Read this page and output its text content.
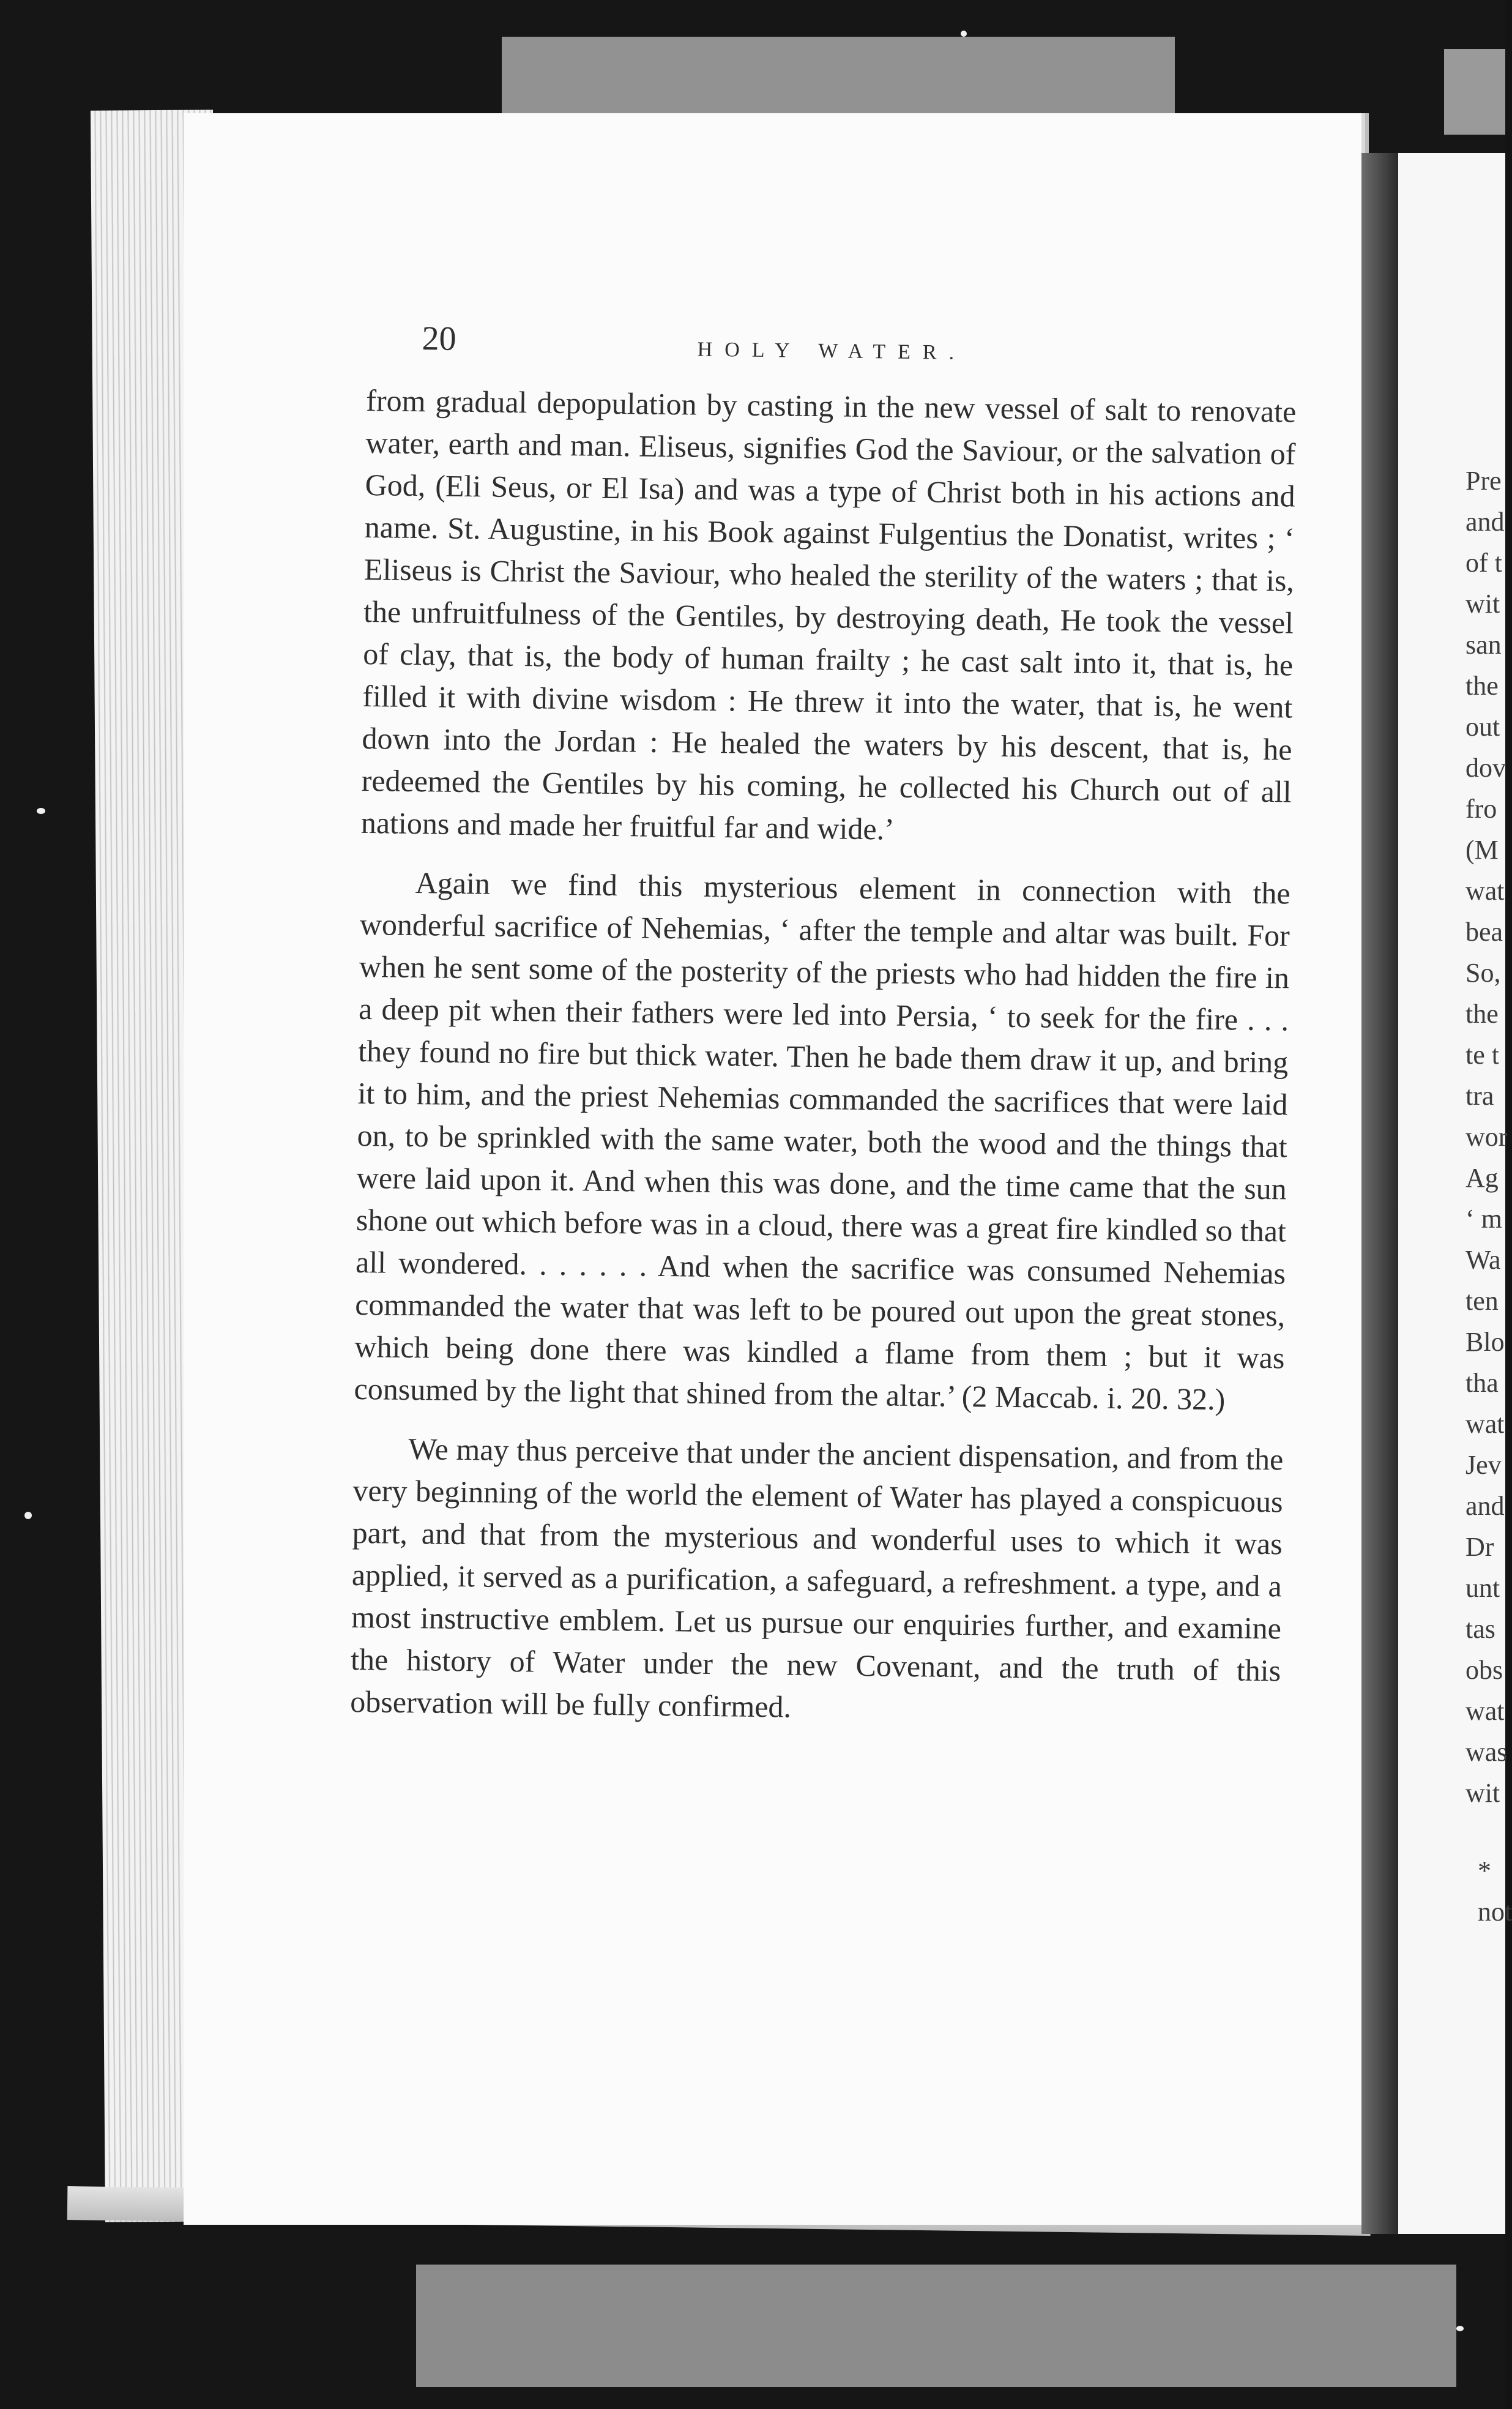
Pre
and
of t
wit
san
the
out
dov
fro
(M
wat
bea
So,
the
te t
tra
wor
Ag
‘ m
Wa
ten
Blo
tha
wat
Jev
and
Dr
unt
tas
obs
wat
was
wit
*
not
20	HOLY WATER.

from gradual depopulation by casting in the new vessel of salt to renovate water, earth and man. Eliseus, signifies God the Saviour, or the salvation of God, (Eli Seus, or El Isa) and was a type of Christ both in his actions and name. St. Augustine, in his Book against Fulgentius the Donatist, writes ; ‘ Eliseus is Christ the Saviour, who healed the sterility of the waters ; that is, the unfruitfulness of the Gentiles, by destroying death, He took the vessel of clay, that is, the body of human frailty ; he cast salt into it, that is, he filled it with divine wisdom : He threw it into the water, that is, he went down into the Jordan : He healed the waters by his descent, that is, he redeemed the Gentiles by his coming, he collected his Church out of all nations and made her fruitful far and wide.’

Again we find this mysterious element in connection with the wonderful sacrifice of Nehemias, ‘ after the temple and altar was built. For when he sent some of the posterity of the priests who had hidden the fire in a deep pit when their fathers were led into Persia, ‘ to seek for the fire . . . they found no fire but thick water. Then he bade them draw it up, and bring it to him, and the priest Nehemias commanded the sacrifices that were laid on, to be sprinkled with the same water, both the wood and the things that were laid upon it. And when this was done, and the time came that the sun shone out which before was in a cloud, there was a great fire kindled so that all wondered. . . . . . . And when the sacrifice was consumed Nehemias commanded the water that was left to be poured out upon the great stones, which being done there was kindled a flame from them ; but it was consumed by the light that shined from the altar.’ (2 Maccab. i. 20. 32.)

We may thus perceive that under the ancient dispensation, and from the very beginning of the world the element of Water has played a conspicuous part, and that from the mysterious and wonderful uses to which it was applied, it served as a purification, a safeguard, a refreshment. a type, and a most instructive emblem. Let us pursue our enquiries further, and examine the history of Water under the new Covenant, and the truth of this observation will be fully confirmed.
